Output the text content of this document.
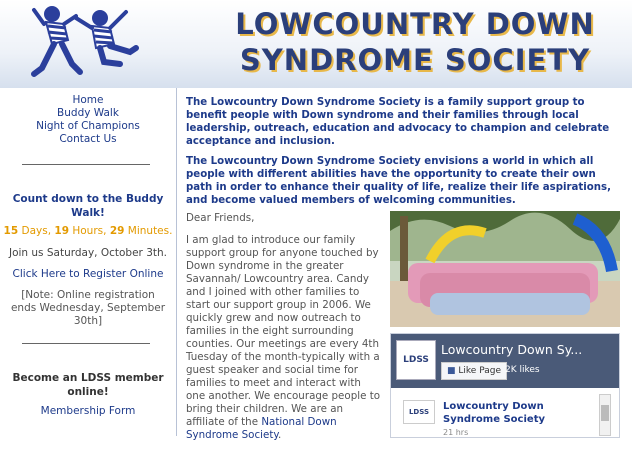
LOWCOUNTRY DOWN
SYNDROME SOCIETY
Home
Buddy Walk
Night of Champions
Contact Us
Count down to the Buddy Walk!
15 Days, 19 Hours, 29 Minutes.
Join us Saturday, October 3th.
Click Here to Register Online
[Note: Online registration ends Wednesday, September 30th]
Become an LDSS member online!
Membership Form

The Lowcountry Down Syndrome Society is a family support group to benefit people with Down syndrome and their families through local leadership, outreach, education and advocacy to champion and celebrate acceptance and inclusion.

The Lowcountry Down Syndrome Society envisions a world in which all people with different abilities have the opportunity to create their own path in order to enhance their quality of life, realize their life aspirations, and become valued members of welcoming communities.

Dear Friends,

I am glad to introduce our family support group for anyone touched by Down syndrome in the greater Savannah/ Lowcountry area. Candy and I joined with other families to start our support group in 2006. We quickly grew and now outreach to families in the eight surrounding counties. Our meetings are every 4th Tuesday of the month-typically with a guest speaker and social time for families to meet and interact with one another. We encourage people to bring their children. We are an affiliate of the National Down Syndrome Society.

LDSS
Lowcountry Down Sy...
■ Like Page 2K likes
LDSS	Lowcountry Down Syndrome Society
21 hrs
